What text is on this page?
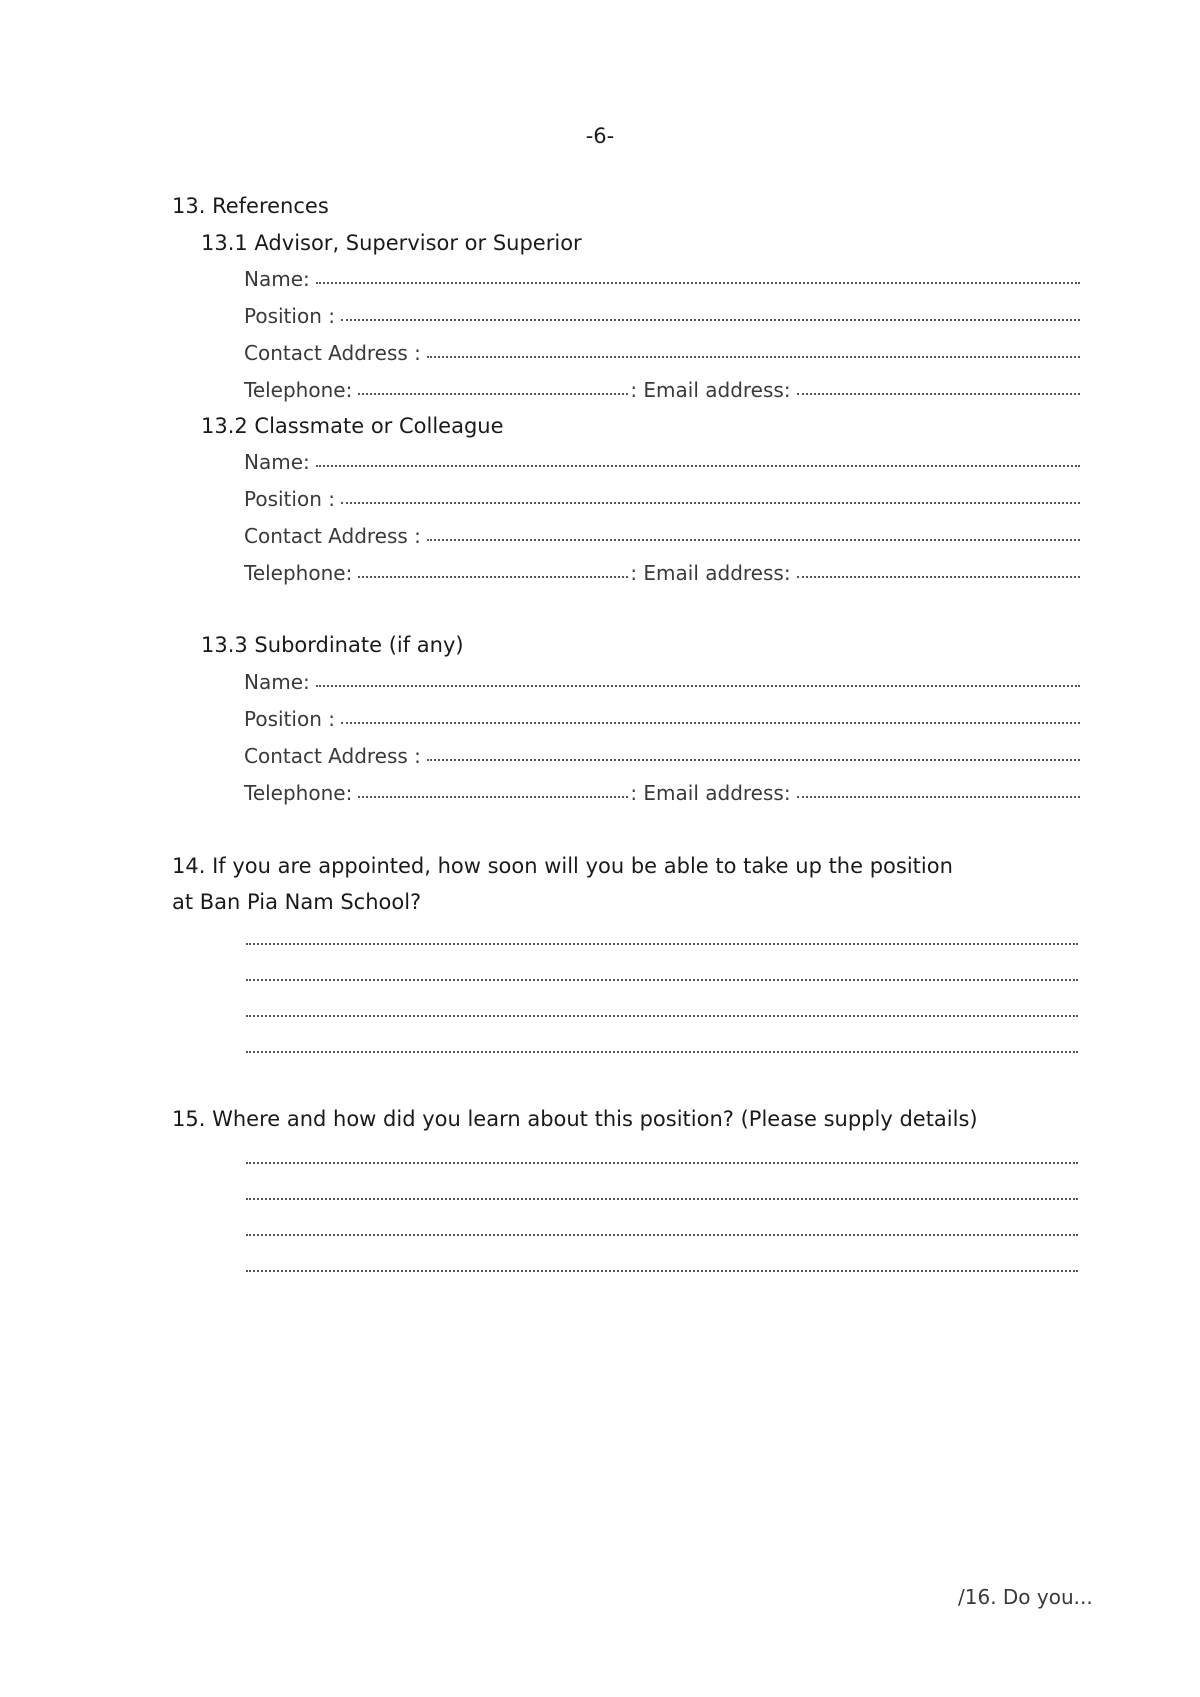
-6-
13. References
13.1 Advisor, Supervisor or Superior
Name:
Position :
Contact Address :
Telephone:	: Email address:
13.2 Classmate or Colleague
Name:
Position :
Contact Address :
Telephone:	: Email address:
13.3 Subordinate (if any)
Name:
Position :
Contact Address :
Telephone:	: Email address:
14. If you are appointed, how soon will you be able to take up the position
at Ban Pia Nam School?
15. Where and how did you learn about this position? (Please supply details)
/16. Do you...
